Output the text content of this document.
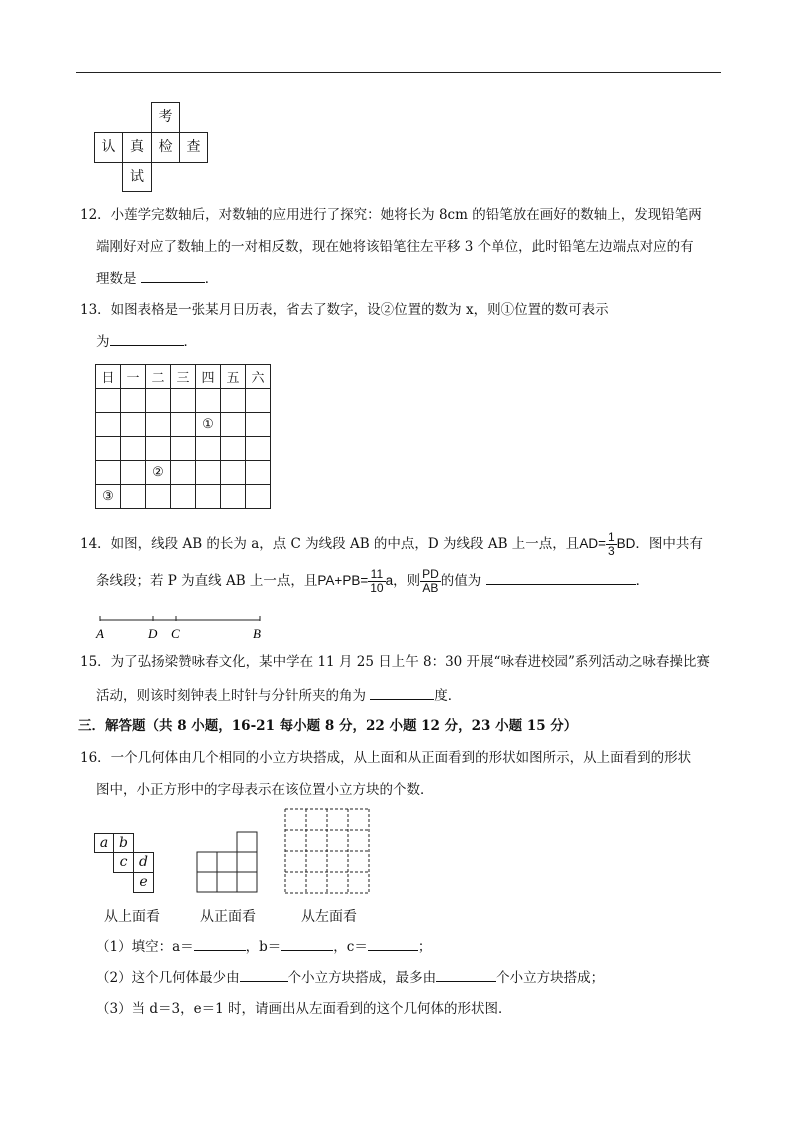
考
认	真	检	查
试
12．小莲学完数轴后，对数轴的应用进行了探究：她将长为 8cm 的铅笔放在画好的数轴上，发现铅笔两
端刚好对应了数轴上的一对相反数，现在她将该铅笔往左平移 3 个单位，此时铅笔左边端点对应的有
理数是	．
13．如图表格是一张某月日历表，省去了数字，设②位置的数为 x，则①位置的数可表示
为	．
日	一	二	三	四	五	六

				①		

		②				
③						
14．如图，线段 AB 的长为 a，点 C 为线段 AB 的中点，D 为线段 AB 上一点，且$AD= \frac{1}{3}$ BD．图中共有
条线段；若 P 为直线 AB 上一点，且$PA+PB= \frac{11}{10}$ a，则 $\frac{PD}{AB}$ 的值为	．
A	D C	B
15．为了弘扬梁赞咏春文化，某中学在 11 月 25 日上午 8：30 开展“咏春进校园”系列活动之咏春操比赛
活动，则该时刻钟表上时针与分针所夹的角为	度．
三．解答题（共 8 小题，16-21 每小题 8 分，22 小题 12 分，23 小题 15 分）
16．一个几何体由几个相同的小立方块搭成，从上面和从正面看到的形状如图所示，从上面看到的形状
图中，小正方形中的字母表示在该位置小立方块的个数．
a b
c d
e
从上面看	从正面看	从左面看
（1）填空：a＝	，b＝	，c＝	；
（2）这个几何体最少由	个小立方块搭成，最多由	个小立方块搭成；
（3）当 d＝3，e＝1 时，请画出从左面看到的这个几何体的形状图．
